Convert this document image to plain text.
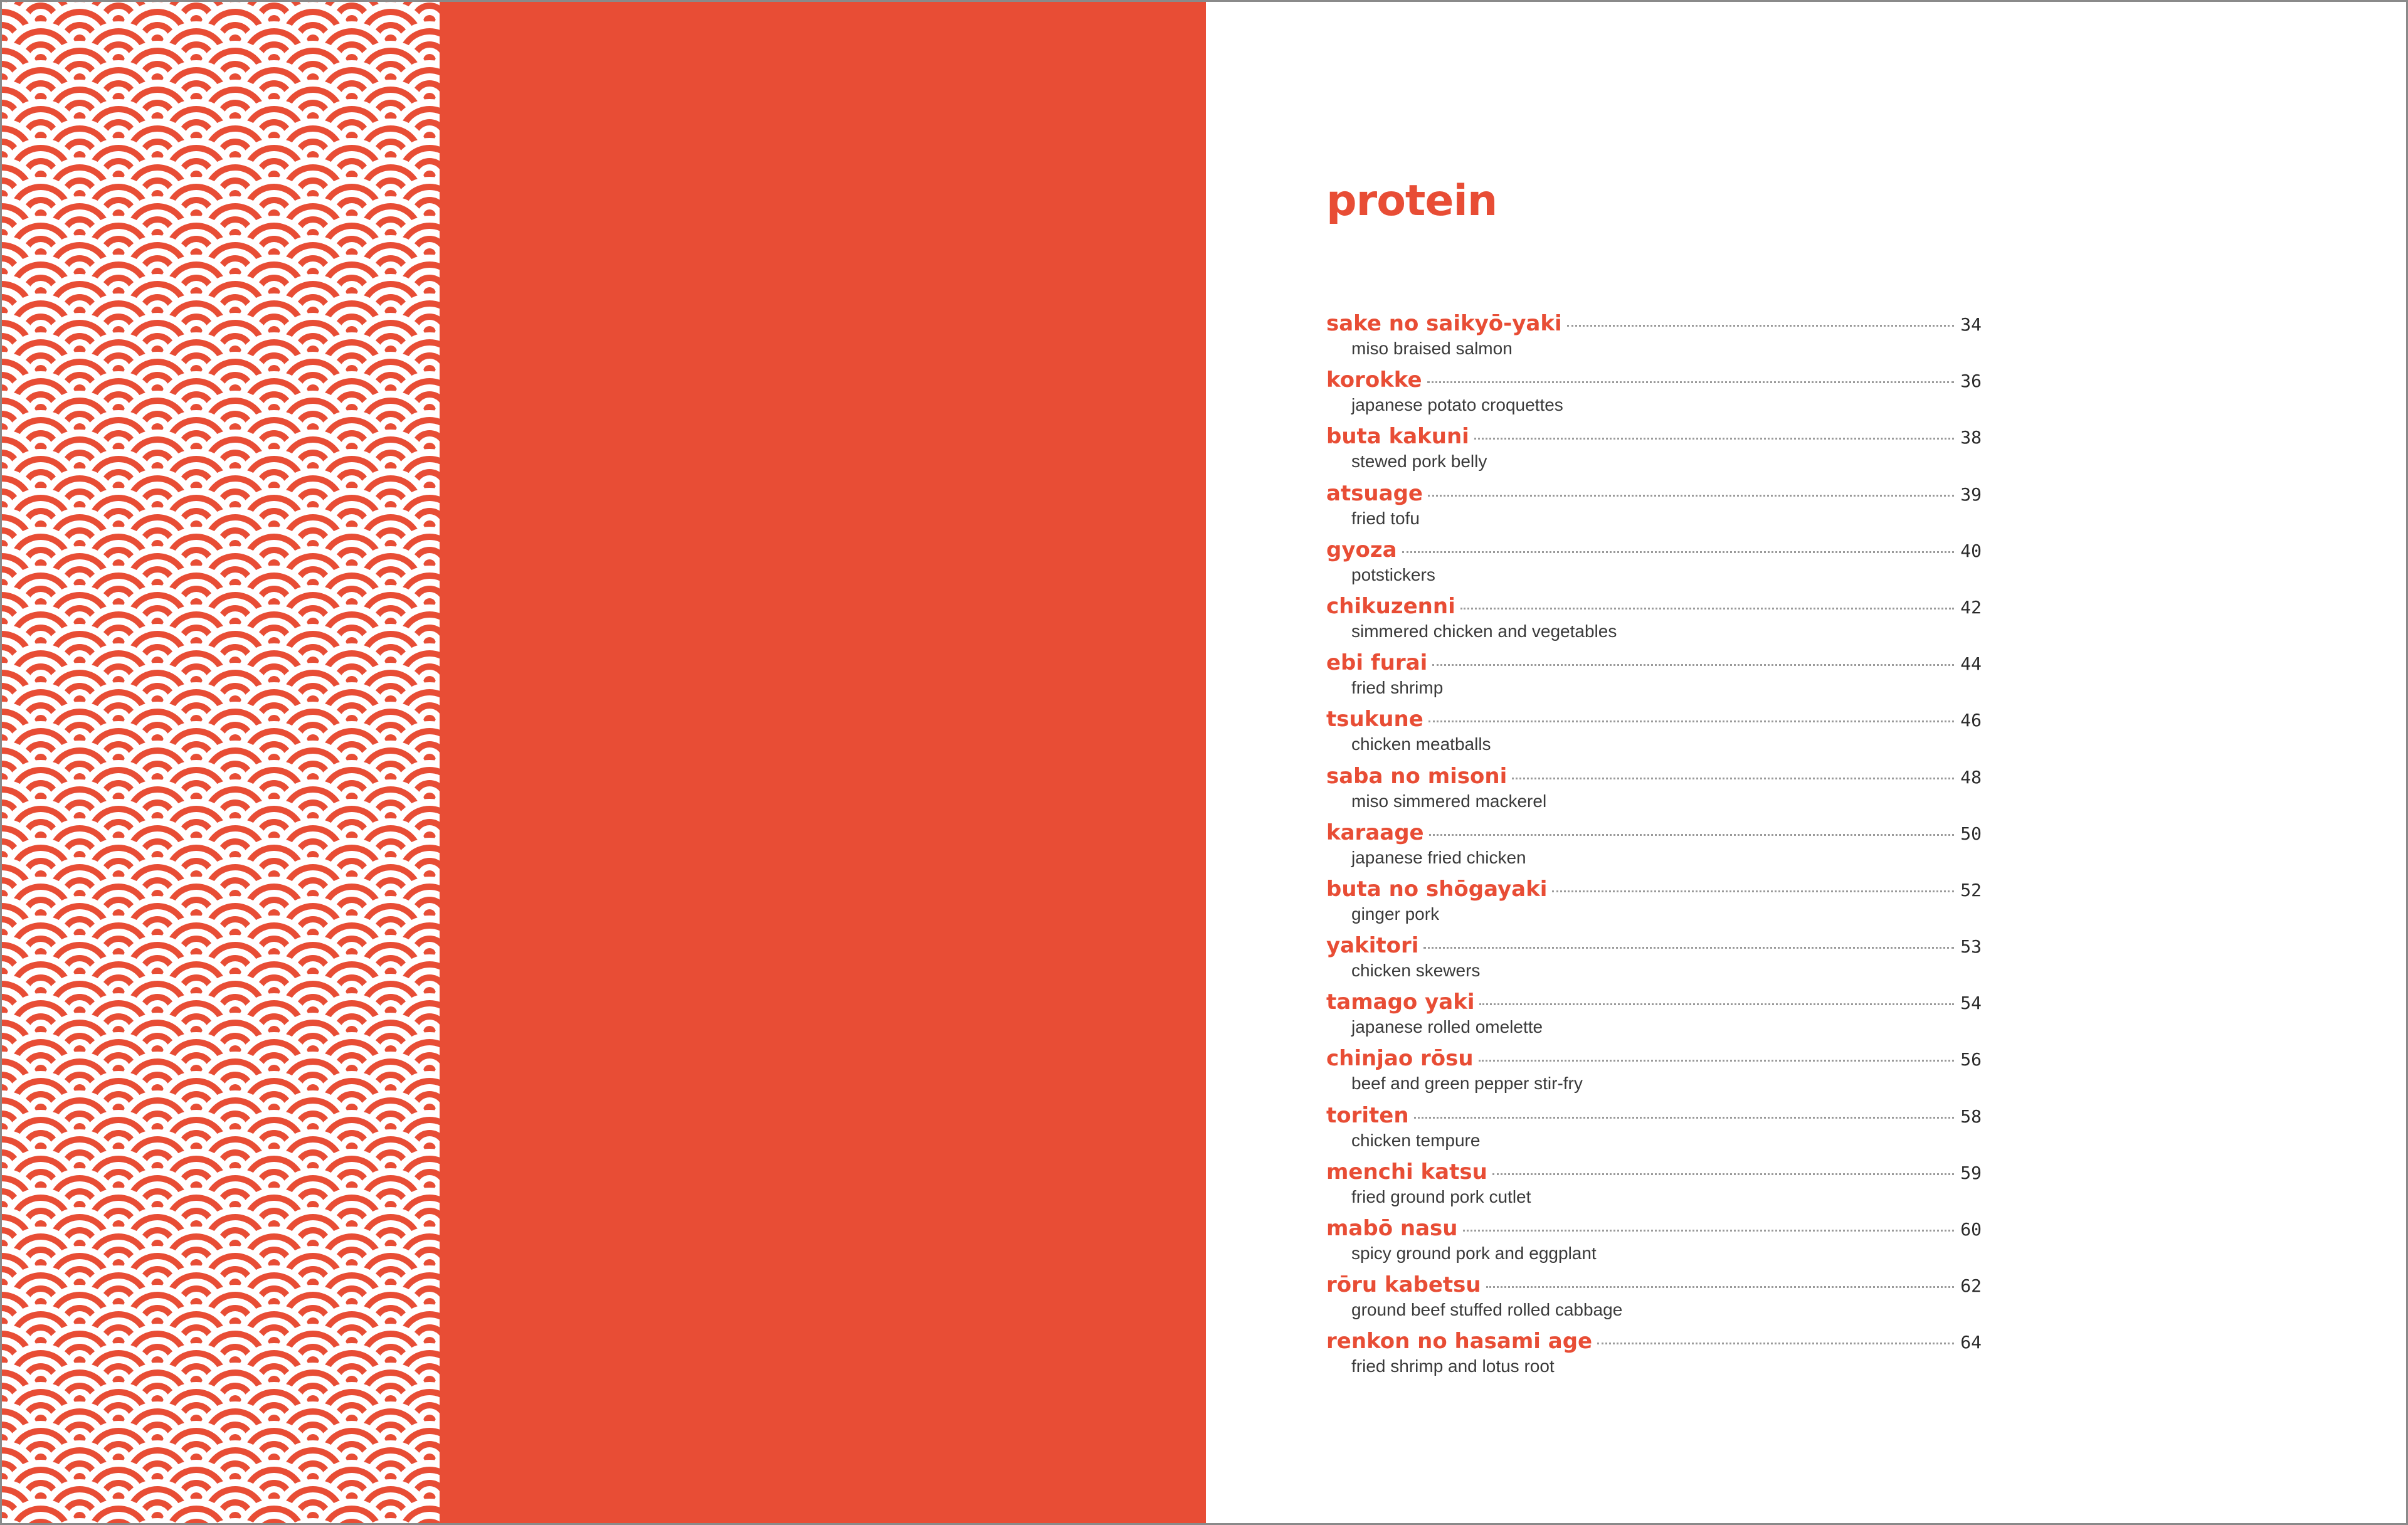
protein
sake no saikyō-yaki	34
miso braised salmon
korokke	36
japanese potato croquettes
buta kakuni	38
stewed pork belly
atsuage	39
fried tofu
gyoza	40
potstickers
chikuzenni	42
simmered chicken and vegetables
ebi furai	44
fried shrimp
tsukune	46
chicken meatballs
saba no misoni	48
miso simmered mackerel
karaage	50
japanese fried chicken
buta no shōgayaki	52
ginger pork
yakitori	53
chicken skewers
tamago yaki	54
japanese rolled omelette
chinjao rōsu	56
beef and green pepper stir-fry
toriten	58
chicken tempure
menchi katsu	59
fried ground pork cutlet
mabō nasu	60
spicy ground pork and eggplant
rōru kabetsu	62
ground beef stuffed rolled cabbage
renkon no hasami age	64
fried shrimp and lotus root
